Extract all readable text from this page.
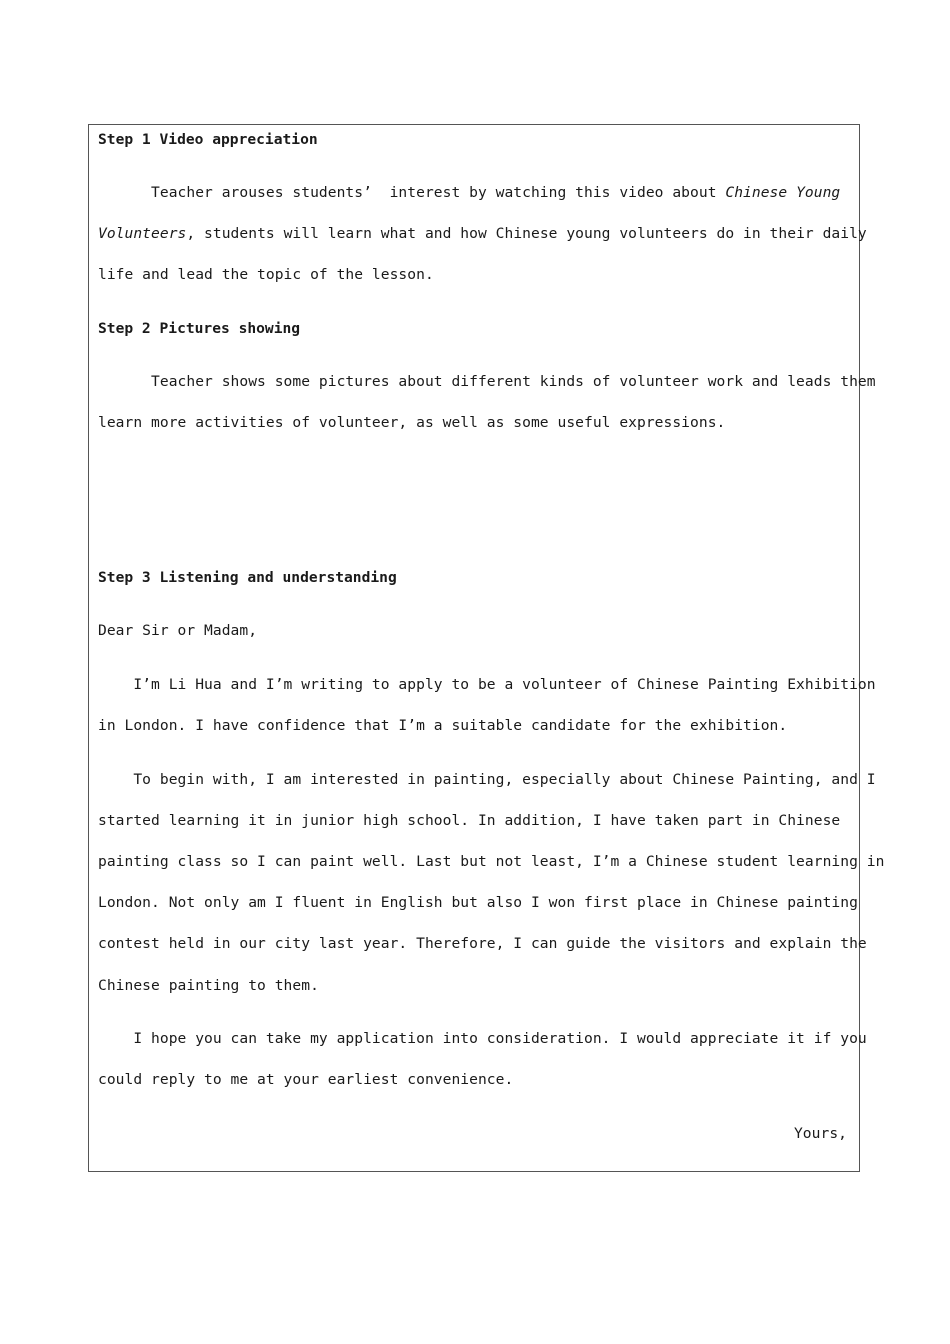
Step 1 Video appreciation
Teacher arouses students’  interest by watching this video about Chinese Young
Volunteers, students will learn what and how Chinese young volunteers do in their daily
life and lead the topic of the lesson.
Step 2 Pictures showing
Teacher shows some pictures about different kinds of volunteer work and leads them
learn more activities of volunteer, as well as some useful expressions.
Step 3 Listening and understanding
Dear Sir or Madam,
I’m Li Hua and I’m writing to apply to be a volunteer of Chinese Painting Exhibition
in London. I have confidence that I’m a suitable candidate for the exhibition.
To begin with, I am interested in painting, especially about Chinese Painting, and I
started learning it in junior high school. In addition, I have taken part in Chinese
painting class so I can paint well. Last but not least, I’m a Chinese student learning in
London. Not only am I fluent in English but also I won first place in Chinese painting
contest held in our city last year. Therefore, I can guide the visitors and explain the
Chinese painting to them.
I hope you can take my application into consideration. I would appreciate it if you
could reply to me at your earliest convenience.
Yours,
